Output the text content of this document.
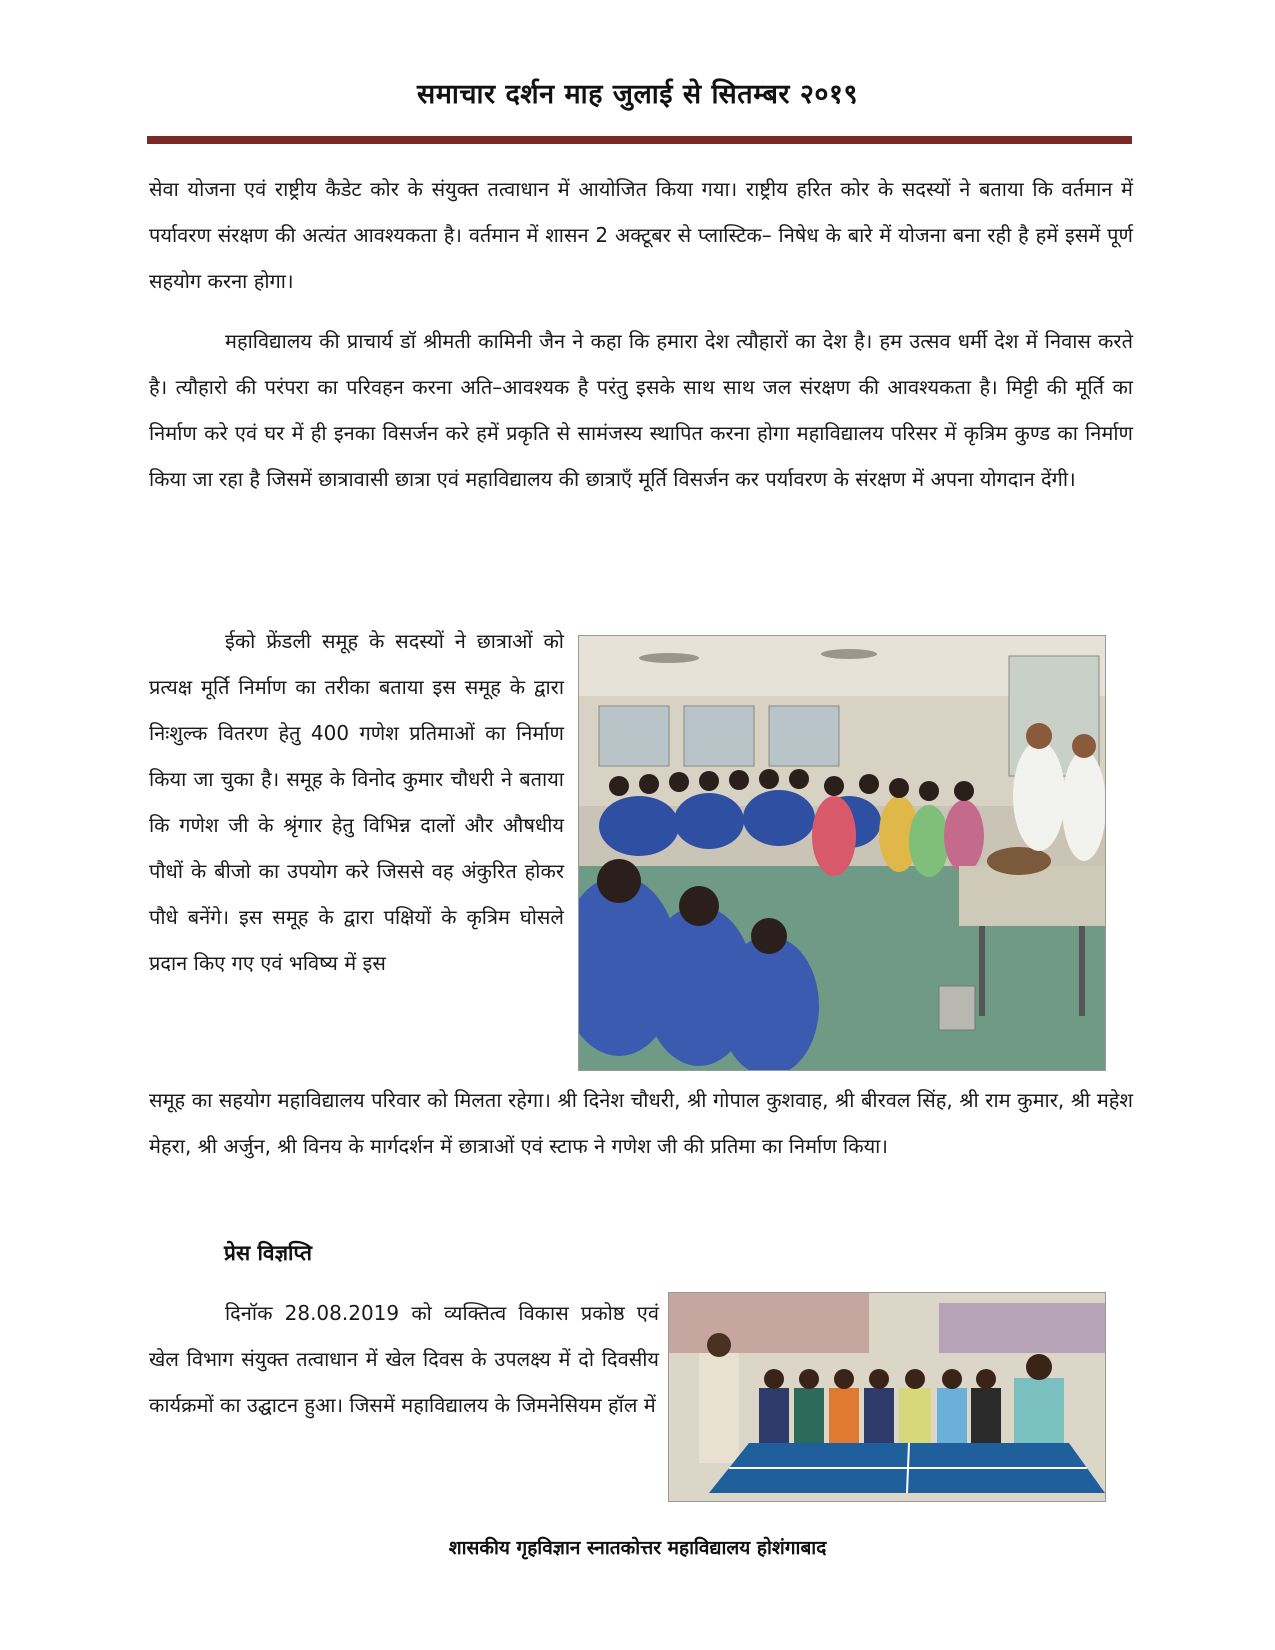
समाचार दर्शन माह जुलाई से सितम्बर २०१९

सेवा योजना एवं राष्ट्रीय कैडेट कोर के संयुक्त तत्वाधान में आयोजित किया गया। राष्ट्रीय हरित कोर के सदस्यों ने बताया कि वर्तमान में पर्यावरण संरक्षण की अत्यंत आवश्यकता है। वर्तमान में शासन 2 अक्टूबर से प्लास्टिक– निषेध के बारे में योजना बना रही है हमें इसमें पूर्ण सहयोग करना होगा।

महाविद्यालय की प्राचार्य डॉ श्रीमती कामिनी जैन ने कहा कि हमारा देश त्यौहारों का देश है। हम उत्सव धर्मी देश में निवास करते है। त्यौहारो की परंपरा का परिवहन करना अति–आवश्यक है परंतु इसके साथ साथ जल संरक्षण की आवश्यकता है। मिट्टी की मूर्ति का निर्माण करे एवं घर में ही इनका विसर्जन करे हमें प्रकृति से सामंजस्य स्थापित करना होगा महाविद्यालय परिसर में कृत्रिम कुण्ड का निर्माण किया जा रहा है जिसमें छात्रावासी छात्रा एवं महाविद्यालय की छात्राऍं मूर्ति विसर्जन कर पर्यावरण के संरक्षण में अपना योगदान देंगी।

ईको फ्रेंडली समूह के सदस्यों ने छात्राओं को प्रत्यक्ष मूर्ति निर्माण का तरीका बताया इस समूह के द्वारा निःशुल्क वितरण हेतु 400 गणेश प्रतिमाओं का निर्माण किया जा चुका है। समूह के विनोद कुमार चौधरी ने बताया कि गणेश जी के श्रृंगार हेतु विभिन्न दालों और औषधीय पौधों के बीजो का उपयोग करे जिससे वह अंकुरित होकर पौधे बनेंगे। इस समूह के द्वारा पक्षियों के कृत्रिम घोसले प्रदान किए गए एवं भविष्य में इस

समूह का सहयोग महाविद्यालय परिवार को मिलता रहेगा। श्री दिनेश चौधरी, श्री गोपाल कुशवाह, श्री बीरवल सिंह, श्री राम कुमार, श्री महेश मेहरा, श्री अर्जुन, श्री विनय के मार्गदर्शन में छात्राओं एवं स्टाफ ने गणेश जी की प्रतिमा का निर्माण किया।

प्रेस विज्ञप्ति

दिनॉक 28.08.2019 को व्यक्तित्व विकास प्रकोष्ठ एवं खेल विभाग संयुक्त तत्वाधान में खेल दिवस के उपलक्ष्य में दो दिवसीय कार्यक्रमों का उद्घाटन हुआ। जिसमें महाविद्यालय के जिमनेसियम हॉल में

शासकीय गृहविज्ञान स्नातकोत्तर महाविद्यालय होशंगाबाद
